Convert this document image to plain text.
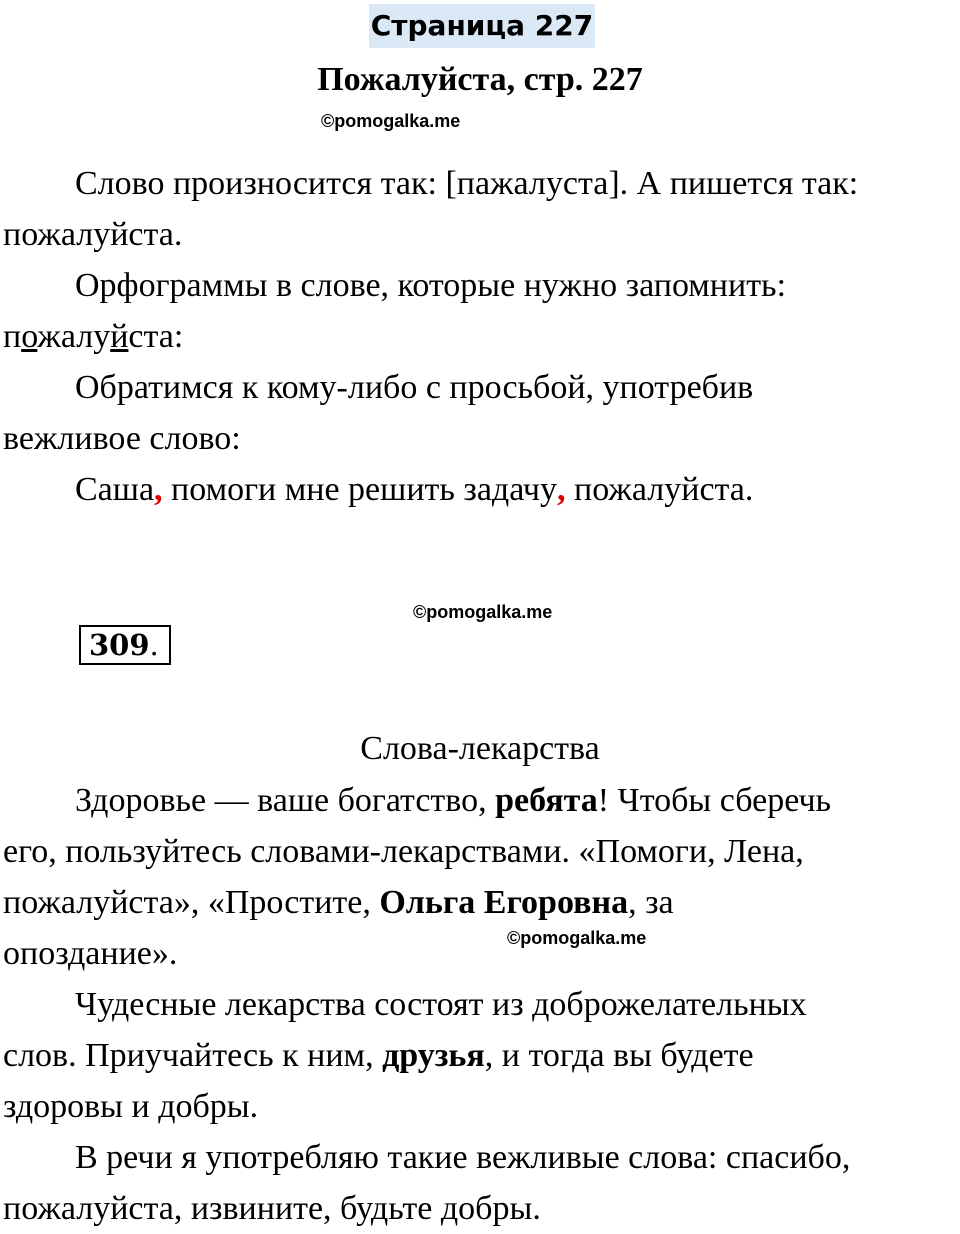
Страница 227
Пожалуйста, стр. 227
©pomogalka.me
Слово произносится так: [пажалуста]. А пишется так:
пожалуйста.
Орфограммы в слове, которые нужно запомнить:
пожалуйста:
Обратимся к кому-либо с просьбой, употребив
вежливое слово:
Саша, помоги мне решить задачу, пожалуйста.
©pomogalka.me
309.
Слова-лекарства
Здоровье — ваше богатство, ребята! Чтобы сберечь
его, пользуйтесь словами-лекарствами. «Помоги, Лена,
пожалуйста», «Простите, Ольга Егоровна, за
опоздание».	©pomogalka.me
Чудесные лекарства состоят из доброжелательных
слов. Приучайтесь к ним, друзья, и тогда вы будете
здоровы и добры.
В речи я употребляю такие вежливые слова: спасибо,
пожалуйста, извините, будьте добры.
